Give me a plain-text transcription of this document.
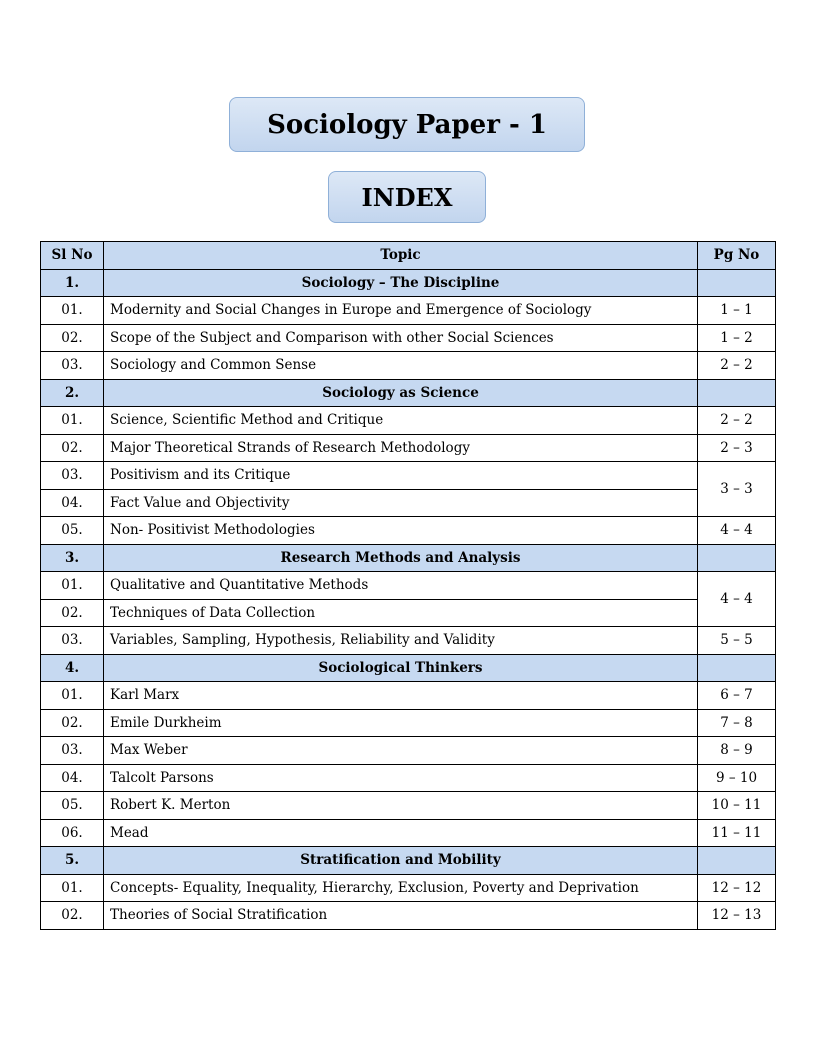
Sociology Paper - 1
INDEX
Sl No	Topic	Pg No
1.	Sociology – The Discipline	
01.	Modernity and Social Changes in Europe and Emergence of Sociology	1 – 1
02.	Scope of the Subject and Comparison with other Social Sciences	1 – 2
03.	Sociology and Common Sense	2 – 2
2.	Sociology as Science	
01.	Science, Scientific Method and Critique	2 – 2
02.	Major Theoretical Strands of Research Methodology	2 – 3
03.	Positivism and its Critique	3 – 3
04.	Fact Value and Objectivity	
05.	Non- Positivist Methodologies	4 – 4
3.	Research Methods and Analysis	
01.	Qualitative and Quantitative Methods	4 – 4
02.	Techniques of Data Collection	
03.	Variables, Sampling, Hypothesis, Reliability and Validity	5 – 5
4.	Sociological Thinkers	
01.	Karl Marx	6 – 7
02.	Emile Durkheim	7 – 8
03.	Max Weber	8 – 9
04.	Talcolt Parsons	9 – 10
05.	Robert K. Merton	10 – 11
06.	Mead	11 – 11
5.	Stratification and Mobility	
01.	Concepts- Equality, Inequality, Hierarchy, Exclusion, Poverty and Deprivation	12 – 12
02.	Theories of Social Stratification	12 – 13
